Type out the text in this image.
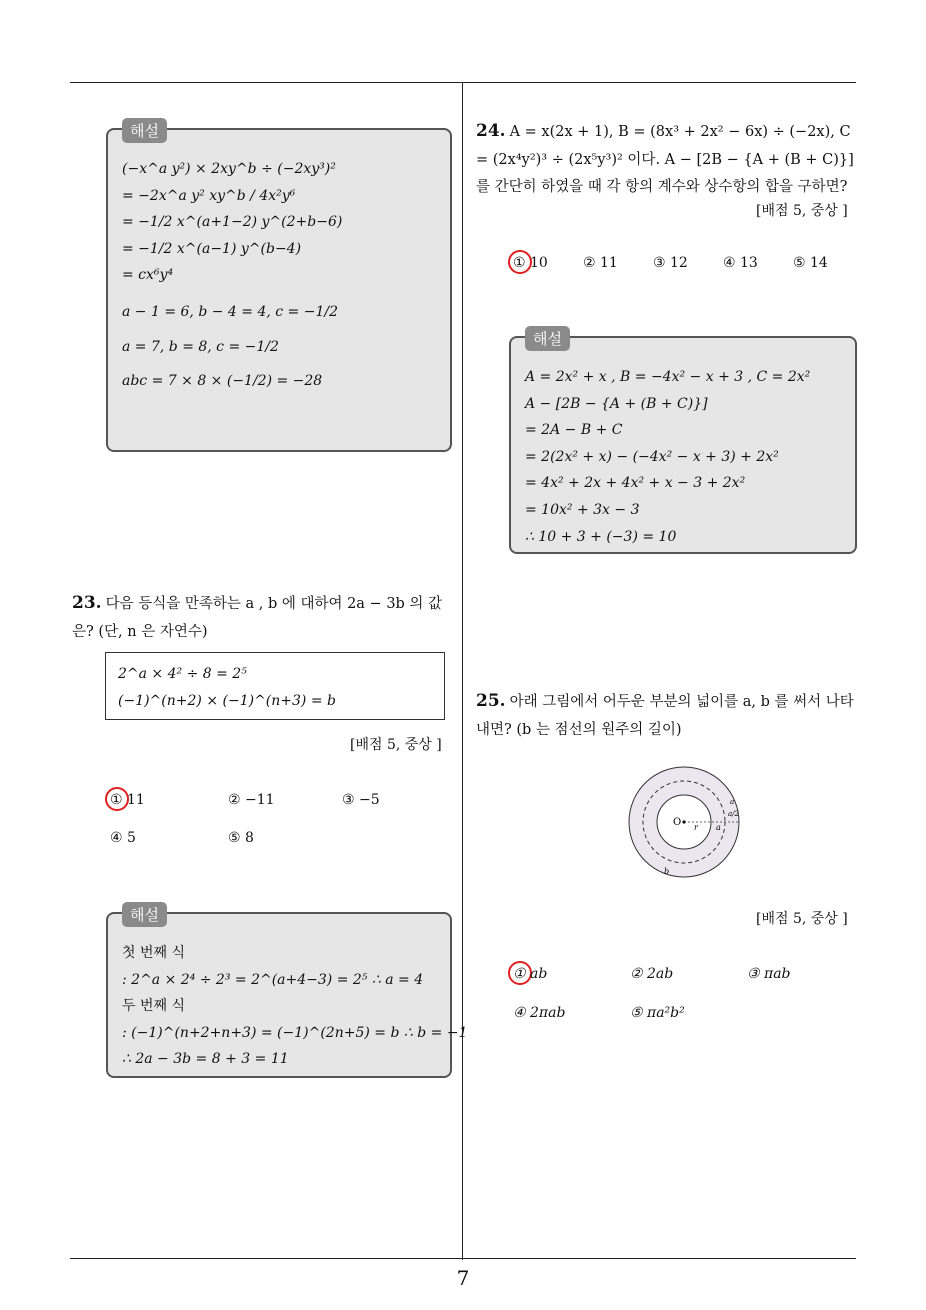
7
해설
(−x^a y²) × 2xy^b ÷ (−2xy³)²
= −2x^a y² xy^b / 4x²y⁶
= −1/2 x^(a+1−2) y^(2+b−6)
= −1/2 x^(a−1) y^(b−4)
= cx⁶y⁴
a − 1 = 6, b − 4 = 4, c = −1/2
a = 7, b = 8, c = −1/2
abc = 7 × 8 × (−1/2) = −28
23. 다음 등식을 만족하는 a , b 에 대하여 2a − 3b 의 값은? (단, n 은 자연수)
2^a × 4² ÷ 8 = 2⁵
(−1)^(n+2) × (−1)^(n+3) = b
[배점 5, 중상 ]
① 11	② −11	③ −5
④ 5	⑤ 8
해설
첫 번째 식
: 2^a × 2⁴ ÷ 2³ = 2^(a+4−3) = 2⁵ ∴ a = 4
두 번째 식
: (−1)^(n+2+n+3) = (−1)^(2n+5) = b ∴ b = −1
∴ 2a − 3b = 8 + 3 = 11
24. A = x(2x + 1), B = (8x³ + 2x² − 6x) ÷ (−2x), C = (2x⁴y²)³ ÷ (2x⁵y³)² 이다. A − [2B − {A + (B + C)}] 를 간단히 하였을 때 각 항의 계수와 상수항의 합을 구하면?
[배점 5, 중상 ]
① 10	② 11	③ 12	④ 13	⑤ 14
해설
A = 2x² + x , B = −4x² − x + 3 , C = 2x²
A − [2B − {A + (B + C)}]
= 2A − B + C
= 2(2x² + x) − (−4x² − x + 3) + 2x²
= 4x² + 2x + 4x² + x − 3 + 2x²
= 10x² + 3x − 3
∴ 10 + 3 + (−3) = 10
25. 아래 그림에서 어두운 부분의 넓이를 a, b 를 써서 나타내면? (b 는 점선의 원주의 길이)
O r a
a
a/2
b
[배점 5, 중상 ]
① ab	② 2ab	③ πab
④ 2πab	⑤ πa²b²
